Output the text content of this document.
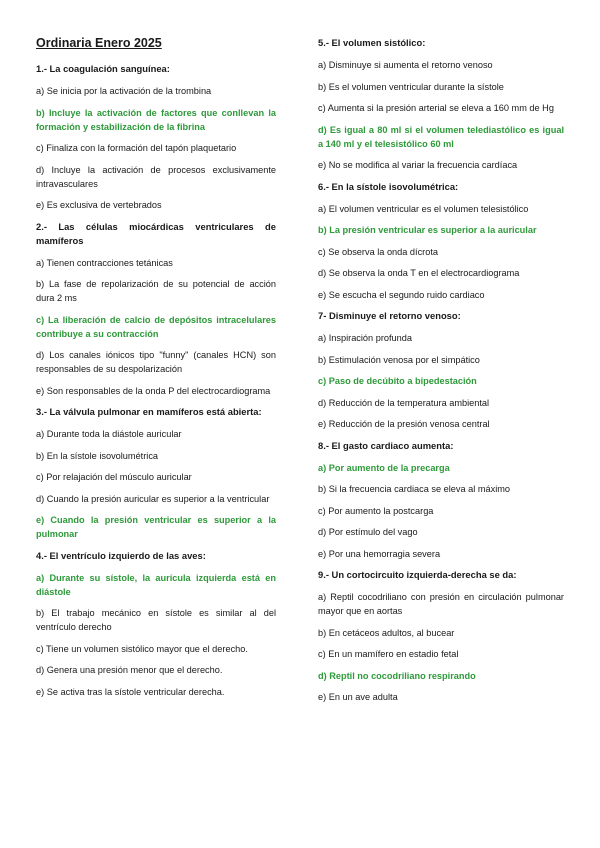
Ordinaria Enero 2025
1.- La coagulación sanguínea:
a) Se inicia por la activación de la trombina
b) Incluye la activación de factores que conllevan la formación y estabilización de la fibrina
c) Finaliza con la formación del tapón plaquetario
d) Incluye la activación de procesos exclusivamente intravasculares
e) Es exclusiva de vertebrados
2.- Las células miocárdicas ventriculares de mamíferos
a) Tienen contracciones tetánicas
b) La fase de repolarización de su potencial de acción dura 2 ms
c) La liberación de calcio de depósitos intracelulares contribuye a su contracción
d) Los canales iónicos tipo "funny" (canales HCN) son responsables de su despolarización
e) Son responsables de la onda P del electrocardiograma
3.- La válvula pulmonar en mamíferos está abierta:
a) Durante toda la diástole auricular
b) En la sístole isovolumétrica
c) Por relajación del músculo auricular
d) Cuando la presión auricular es superior a la ventricular
e) Cuando la presión ventricular es superior a la pulmonar
4.- El ventrículo izquierdo de las aves:
a) Durante su sístole, la aurícula izquierda está en diástole
b) El trabajo mecánico en sístole es similar al del ventrículo derecho
c) Tiene un volumen sistólico mayor que el derecho.
d) Genera una presión menor que el derecho.
e) Se activa tras la sístole ventricular derecha.
5.- El volumen sistólico:
a) Disminuye si aumenta el retorno venoso
b) Es el volumen ventricular durante la sístole
c) Aumenta si la presión arterial se eleva a 160 mm de Hg
d) Es igual a 80 ml si el volumen telediastólico es igual a 140 ml y el telesistólico 60 ml
e) No se modifica al variar la frecuencia cardíaca
6.- En la sístole isovolumétrica:
a) El volumen ventricular es el volumen telesistólico
b) La presión ventricular es superior a la auricular
c) Se observa la onda dícrota
d) Se observa la onda T en el electrocardiograma
e) Se escucha el segundo ruido cardiaco
7- Disminuye el retorno venoso:
a) Inspiración profunda
b) Estimulación venosa por el simpático
c) Paso de decúbito a bipedestación
d) Reducción de la temperatura ambiental
e) Reducción de la presión venosa central
8.- El gasto cardiaco aumenta:
a) Por aumento de la precarga
b) Si la frecuencia cardiaca se eleva al máximo
c) Por aumento la postcarga
d) Por estímulo del vago
e) Por una hemorragia severa
9.- Un cortocircuito izquierda-derecha se da:
a) Reptil cocodriliano con presión en circulación pulmonar mayor que en aortas
b) En cetáceos adultos, al bucear
c) En un mamífero en estadio fetal
d) Reptil no cocodriliano respirando
e) En un ave adulta
